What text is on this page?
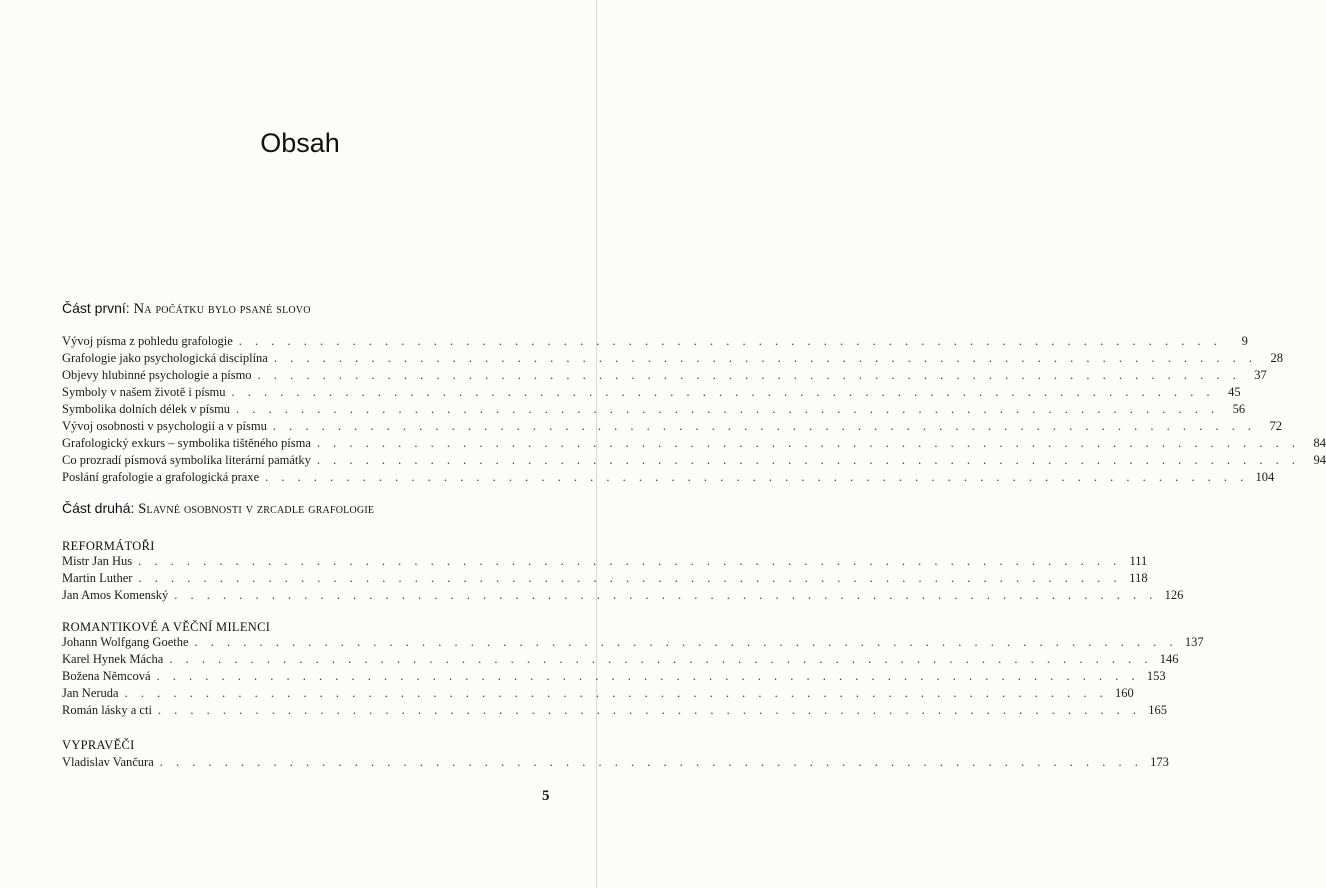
Obsah
Část první: Na počátku bylo psané slovo
Vývoj písma z pohledu grafologie . . . . . . . . . . . . . . . . . . . . . . . . . . . . . . . . . . . . . . . . . . . . . . . . . . . . . . . . . . . . .	9
Grafologie jako psychologická disciplína . . . . . . . . . . . . . . . . . . . . . . . . . . . . . . . . . . . . . . . . . . . . . . . . . . . . . . . . . . . . .	28
Objevy hlubinné psychologie a písmo . . . . . . . . . . . . . . . . . . . . . . . . . . . . . . . . . . . . . . . . . . . . . . . . . . . . . . . . . . . . .	37
Symboly v našem životě i písmu . . . . . . . . . . . . . . . . . . . . . . . . . . . . . . . . . . . . . . . . . . . . . . . . . . . . . . . . . . . . .	45
Symbolika dolních délek v písmu . . . . . . . . . . . . . . . . . . . . . . . . . . . . . . . . . . . . . . . . . . . . . . . . . . . . . . . . . . . . .	56
Vývoj osobnosti v psychologii a v písmu . . . . . . . . . . . . . . . . . . . . . . . . . . . . . . . . . . . . . . . . . . . . . . . . . . . . . . . . . . . . .	72
Grafologický exkurs – symbolika tištěného písma . . . . . . . . . . . . . . . . . . . . . . . . . . . . . . . . . . . . . . . . . . . . . . . . . . . . . . . . . . . . .	84
Co prozradí písmová symbolika literární památky . . . . . . . . . . . . . . . . . . . . . . . . . . . . . . . . . . . . . . . . . . . . . . . . . . . . . . . . . . . . .	94
Poslání grafologie a grafologická praxe . . . . . . . . . . . . . . . . . . . . . . . . . . . . . . . . . . . . . . . . . . . . . . . . . . . . . . . . . . . . . 104
Část druhá: Slavné osobnosti v zrcadle grafologie
REFORMÁTOŘI
Mistr Jan Hus . . . . . . . . . . . . . . . . . . . . . . . . . . . . . . . . . . . . . . . . . . . . . . . . . . . . . . . . . . . . . 111
Martin Luther . . . . . . . . . . . . . . . . . . . . . . . . . . . . . . . . . . . . . . . . . . . . . . . . . . . . . . . . . . . . . 118
Jan Amos Komenský . . . . . . . . . . . . . . . . . . . . . . . . . . . . . . . . . . . . . . . . . . . . . . . . . . . . . . . . . . . . . 126
ROMANTIKOVÉ A VĚČNÍ MILENCI
Johann Wolfgang Goethe . . . . . . . . . . . . . . . . . . . . . . . . . . . . . . . . . . . . . . . . . . . . . . . . . . . . . . . . . . . . . 137
Karel Hynek Mácha . . . . . . . . . . . . . . . . . . . . . . . . . . . . . . . . . . . . . . . . . . . . . . . . . . . . . . . . . . . . . 146
Božena Němcová . . . . . . . . . . . . . . . . . . . . . . . . . . . . . . . . . . . . . . . . . . . . . . . . . . . . . . . . . . . . . 153
Jan Neruda . . . . . . . . . . . . . . . . . . . . . . . . . . . . . . . . . . . . . . . . . . . . . . . . . . . . . . . . . . . . . 160
Román lásky a cti . . . . . . . . . . . . . . . . . . . . . . . . . . . . . . . . . . . . . . . . . . . . . . . . . . . . . . . . . . . . . 165
VYPRAVĚČI
Vladislav Vančura . . . . . . . . . . . . . . . . . . . . . . . . . . . . . . . . . . . . . . . . . . . . . . . . . . . . . . . . . . . . . 173
5
